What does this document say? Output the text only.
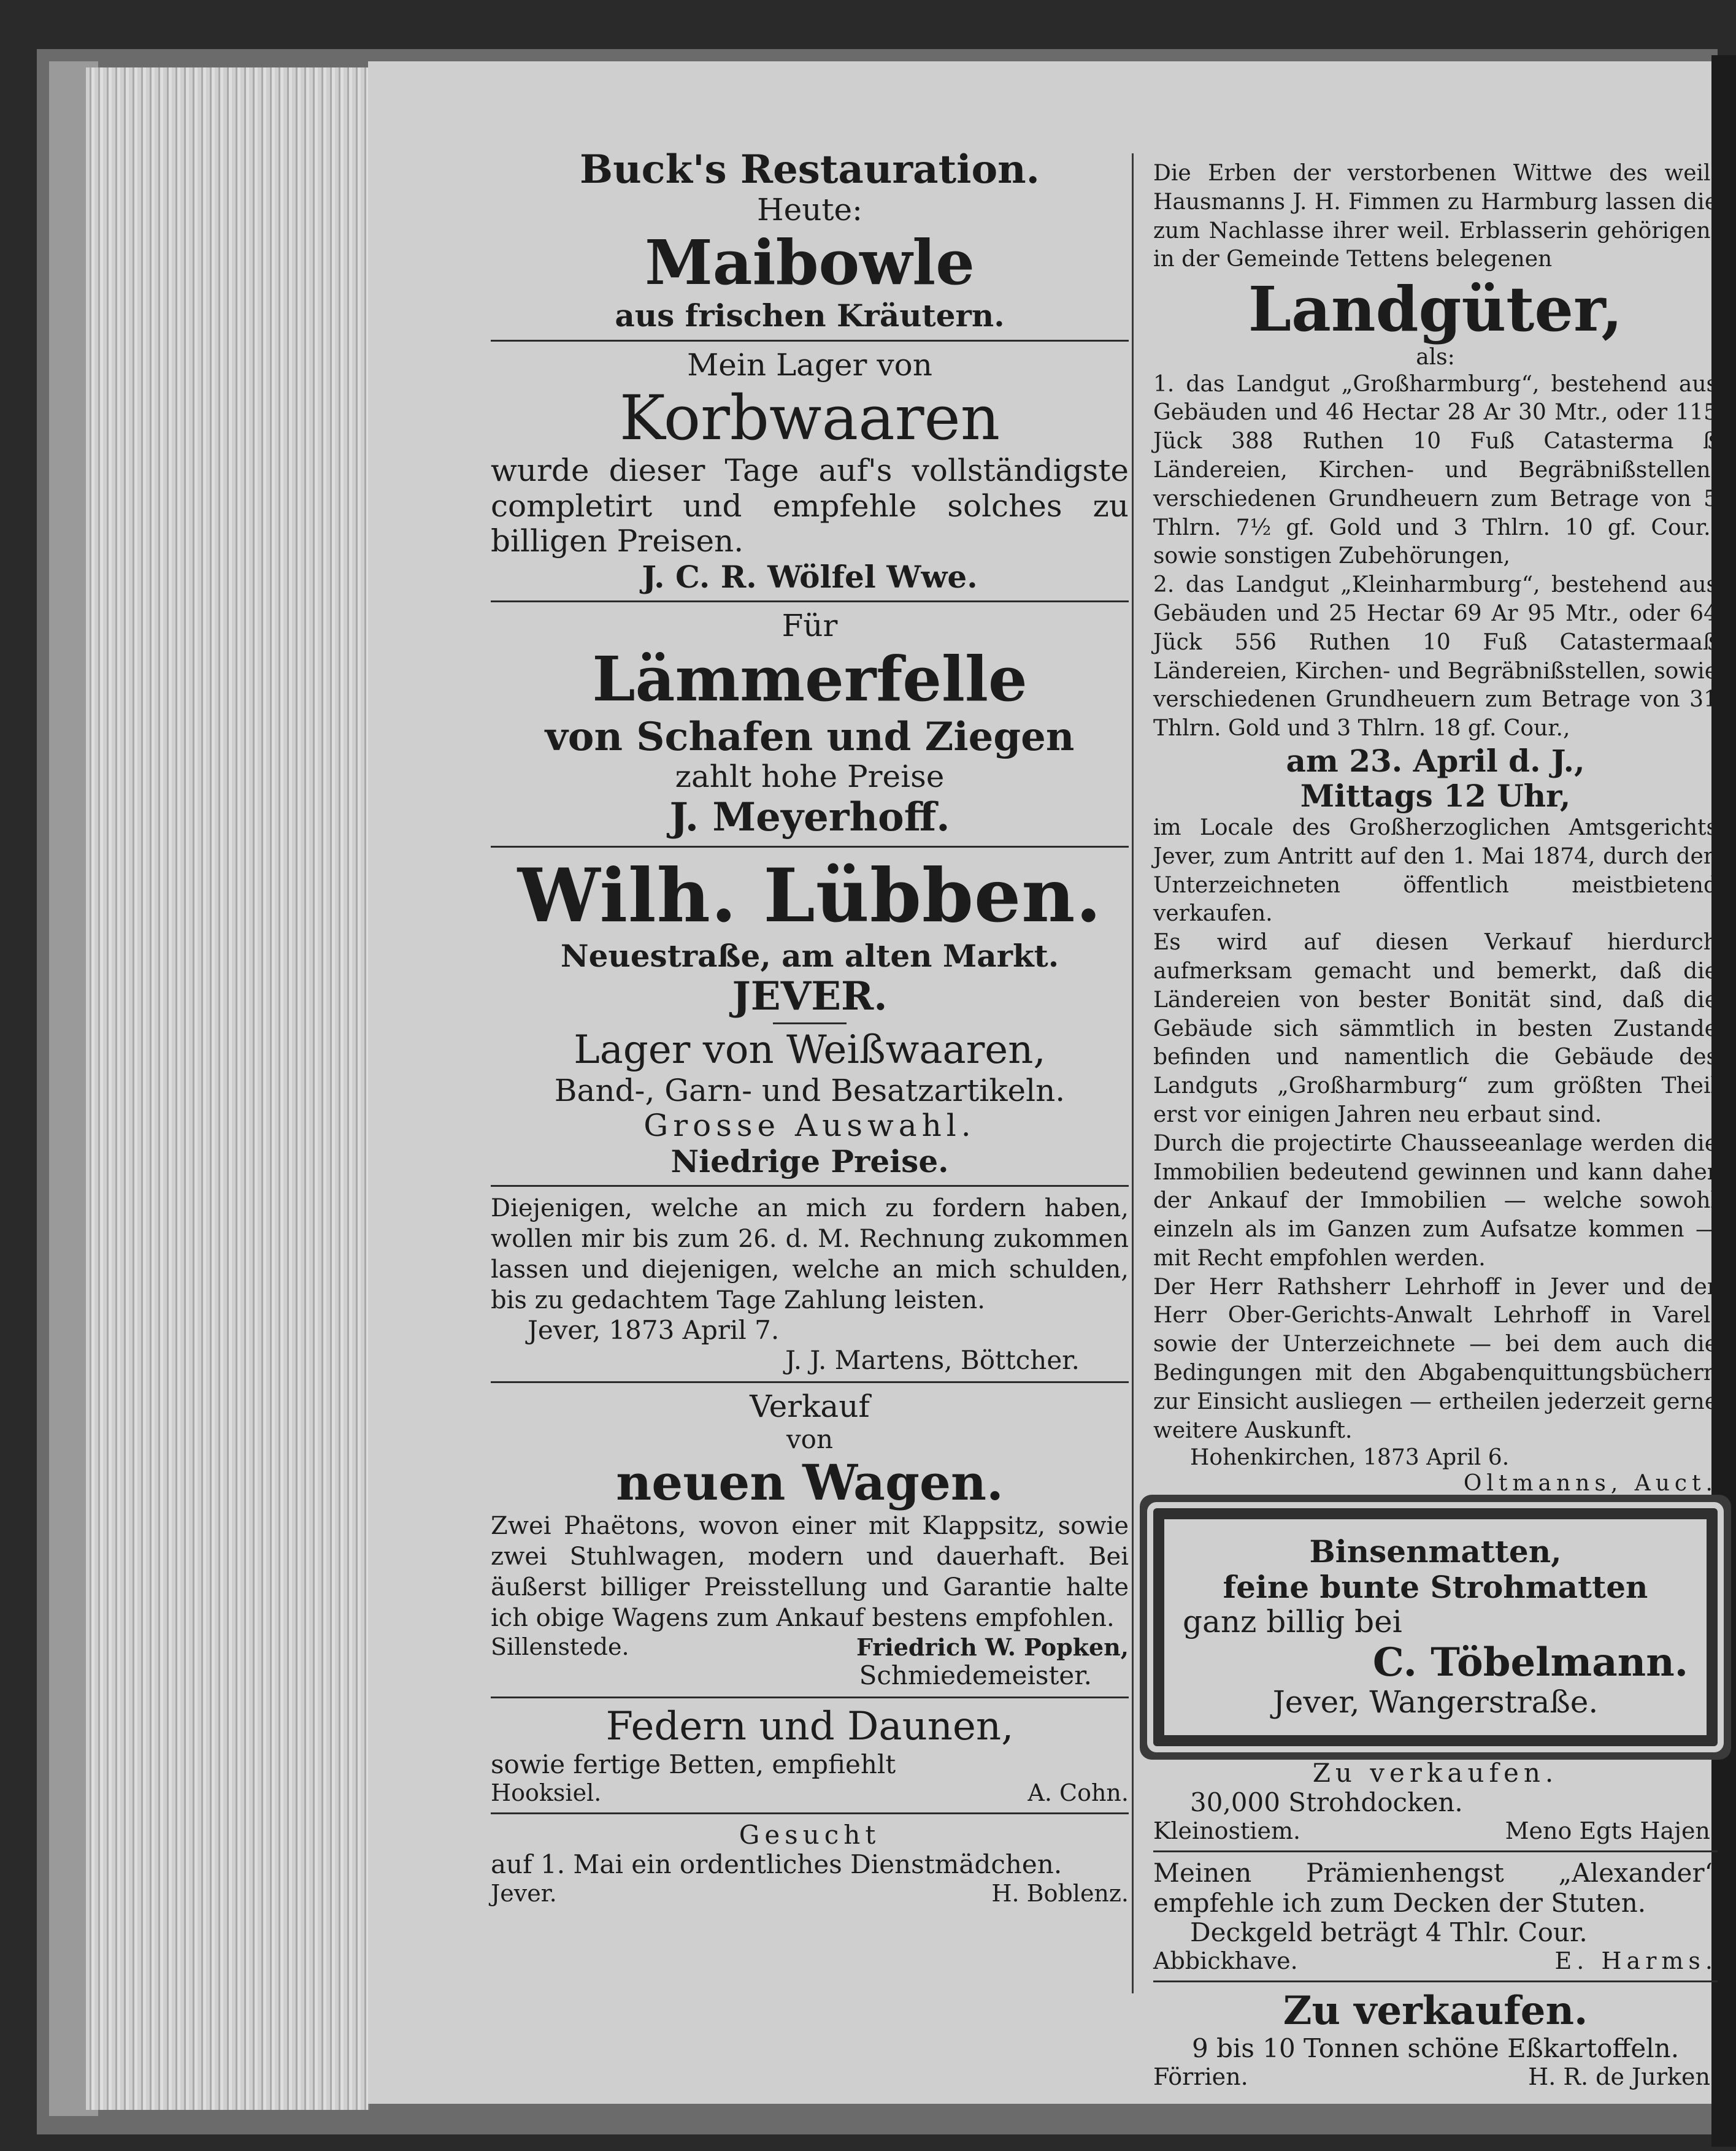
Buck's Restauration.

Heute:

Maibowle

aus frischen Kräutern.

Mein Lager von

Korbwaaren

wurde dieser Tage auf's vollständigste completirt und empfehle solches zu billigen Preisen.

J. C. R. Wölfel Wwe.

Für

Lämmerfelle

von Schafen und Ziegen

zahlt hohe Preise

J. Meyerhoff.

Wilh. Lübben.

Neuestraße, am alten Markt.

JEVER.

Lager von Weißwaaren,

Band-, Garn- und Besatzartikeln.

Grosse Auswahl.

Niedrige Preise.

Diejenigen, welche an mich zu fordern haben, wollen mir bis zum 26. d. M. Rechnung zukommen lassen und diejenigen, welche an mich schulden, bis zu gedachtem Tage Zahlung leisten.

Jever, 1873 April 7.

J. J. Martens, Böttcher.

Verkauf

von

neuen Wagen.

Zwei Phaëtons, wovon einer mit Klappsitz, sowie zwei Stuhlwagen, modern und dauerhaft. Bei äußerst billiger Preisstellung und Garantie halte ich obige Wagens zum Ankauf bestens empfohlen.

Sillenstede.	Friedrich W. Popken,

Schmiedemeister.

Federn und Daunen,

sowie fertige Betten, empfiehlt

Hooksiel.	A. Cohn.

Gesucht

auf 1. Mai ein ordentliches Dienstmädchen.

Jever.	H. Boblenz.

Die Erben der verstorbenen Wittwe des weil. Hausmanns J. H. Fimmen zu Harmburg lassen die zum Nachlasse ihrer weil. Erblasserin gehörigen, in der Gemeinde Tettens belegenen

Landgüter,

als:

1. das Landgut „Großharmburg“, bestehend aus Gebäuden und 46 Hectar 28 Ar 30 Mtr., oder 115 Jück 388 Ruthen 10 Fuß Catasterma ß Ländereien, Kirchen- und Begräbnißstellen, verschiedenen Grundheuern zum Betrage von 5 Thlrn. 7½ gf. Gold und 3 Thlrn. 10 gf. Cour., sowie sonstigen Zubehörungen,

2. das Landgut „Kleinharmburg“, bestehend aus Gebäuden und 25 Hectar 69 Ar 95 Mtr., oder 64 Jück 556 Ruthen 10 Fuß Catastermaaß Ländereien, Kirchen- und Begräbnißstellen, sowie verschiedenen Grundheuern zum Betrage von 31 Thlrn. Gold und 3 Thlrn. 18 gf. Cour.,

am 23. April d. J.,

Mittags 12 Uhr,

im Locale des Großherzoglichen Amtsgerichts Jever, zum Antritt auf den 1. Mai 1874, durch den Unterzeichneten öffentlich meistbietend verkaufen.

Es wird auf diesen Verkauf hierdurch aufmerksam gemacht und bemerkt, daß die Ländereien von bester Bonität sind, daß die Gebäude sich sämmtlich in besten Zustande befinden und namentlich die Gebäude des Landguts „Großharmburg“ zum größten Theil erst vor einigen Jahren neu erbaut sind.

Durch die projectirte Chausseeanlage werden die Immobilien bedeutend gewinnen und kann daher der Ankauf der Immobilien — welche sowohl einzeln als im Ganzen zum Aufsatze kommen — mit Recht empfohlen werden.

Der Herr Rathsherr Lehrhoff in Jever und der Herr Ober-Gerichts-Anwalt Lehrhoff in Varel, sowie der Unterzeichnete — bei dem auch die Bedingungen mit den Abgabenquittungsbüchern zur Einsicht ausliegen — ertheilen jederzeit gerne weitere Auskunft.

Hohenkirchen, 1873 April 6.

Oltmanns, Auct.

Binsenmatten,

feine bunte Strohmatten

ganz billig bei

C. Töbelmann.

Jever, Wangerstraße.

Zu verkaufen.

30,000 Strohdocken.

Kleinostiem.	Meno Egts Hajen.

Meinen Prämienhengst „Alexander“ empfehle ich zum Decken der Stuten.

Deckgeld beträgt 4 Thlr. Cour.

Abbickhave.	E. Harms.

Zu verkaufen.

9 bis 10 Tonnen schöne Eßkartoffeln.

Förrien.	H. R. de Jurken.
